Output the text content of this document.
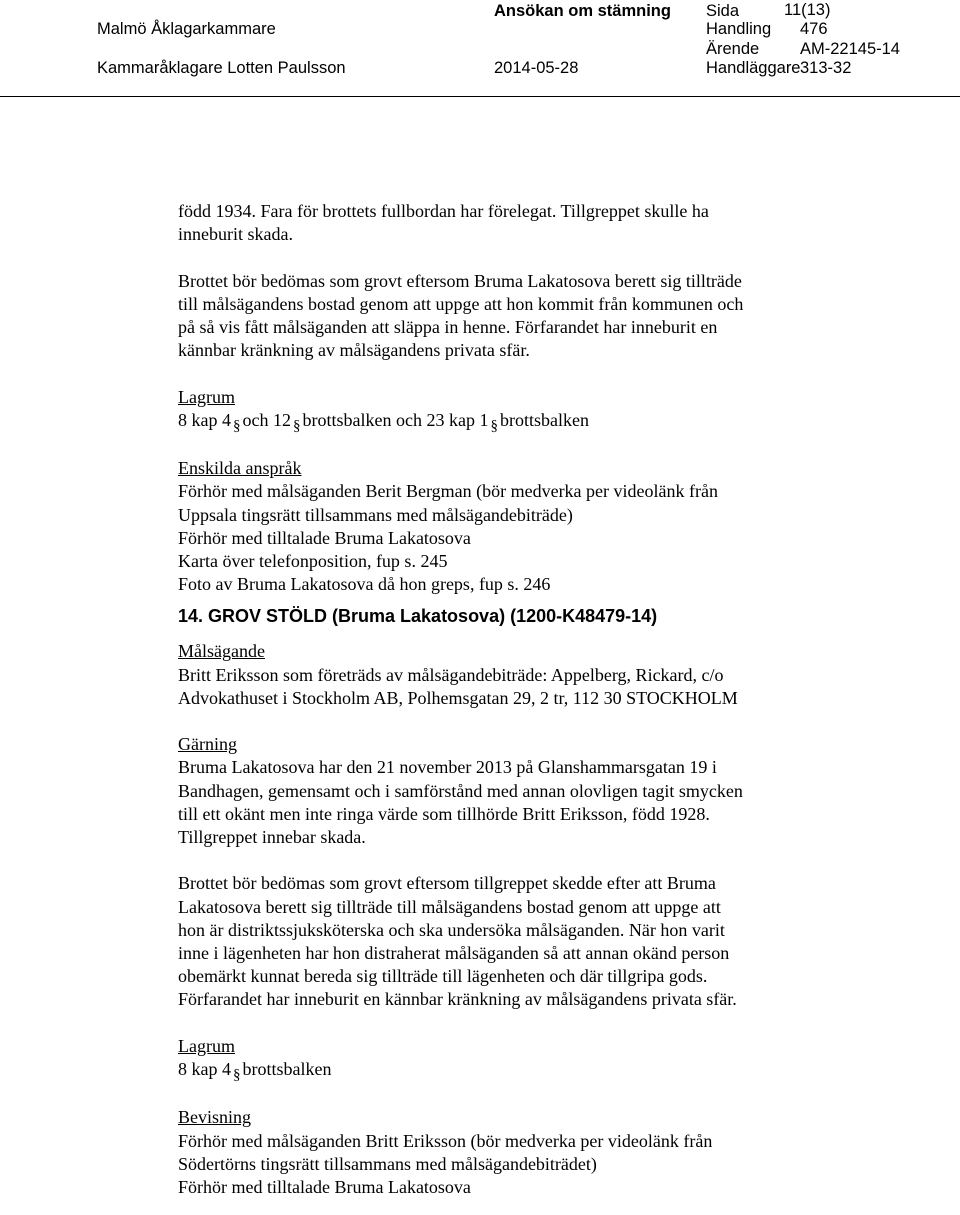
Malmö Åklagarkammare
Kammaråklagare Lotten Paulsson
Ansökan om stämning
2014-05-28
Sida	11(13)
Handling 476
Ärende AM-22145-14
Handläggare 313-32

född 1934. Fara för brottets fullbordan har förelegat. Tillgreppet skulle ha
inneburit skada.

Brottet bör bedömas som grovt eftersom Bruma Lakatosova berett sig tillträde
till målsägandens bostad genom att uppge att hon kommit från kommunen och
på så vis fått målsäganden att släppa in henne. Förfarandet har inneburit en
kännbar kränkning av målsägandens privata sfär.

Lagrum

8 kap 4 § och 12 § brottsbalken och 23 kap 1 § brottsbalken

Enskilda anspråk

Förhör med målsäganden Berit Bergman (bör medverka per videolänk från
Uppsala tingsrätt tillsammans med målsägandebiträde)
Förhör med tilltalade Bruma Lakatosova
Karta över telefonposition, fup s. 245
Foto av Bruma Lakatosova då hon greps, fup s. 246

14. GROV STÖLD (Bruma Lakatosova) (1200-K48479-14)

Målsägande

Britt Eriksson som företräds av målsägandebiträde: Appelberg, Rickard, c/o
Advokathuset i Stockholm AB, Polhemsgatan 29, 2 tr, 112 30 STOCKHOLM

Gärning

Bruma Lakatosova har den 21 november 2013 på Glanshammarsgatan 19 i
Bandhagen, gemensamt och i samförstånd med annan olovligen tagit smycken
till ett okänt men inte ringa värde som tillhörde Britt Eriksson, född 1928.
Tillgreppet innebar skada.

Brottet bör bedömas som grovt eftersom tillgreppet skedde efter att Bruma
Lakatosova berett sig tillträde till målsägandens bostad genom att uppge att
hon är distriktssjuksköterska och ska undersöka målsäganden. När hon varit
inne i lägenheten har hon distraherat målsäganden så att annan okänd person
obemärkt kunnat bereda sig tillträde till lägenheten och där tillgripa gods.
Förfarandet har inneburit en kännbar kränkning av målsägandens privata sfär.

Lagrum

8 kap 4 § brottsbalken

Bevisning

Förhör med målsäganden Britt Eriksson (bör medverka per videolänk från
Södertörns tingsrätt tillsammans med målsägandebiträdet)
Förhör med tilltalade Bruma Lakatosova
